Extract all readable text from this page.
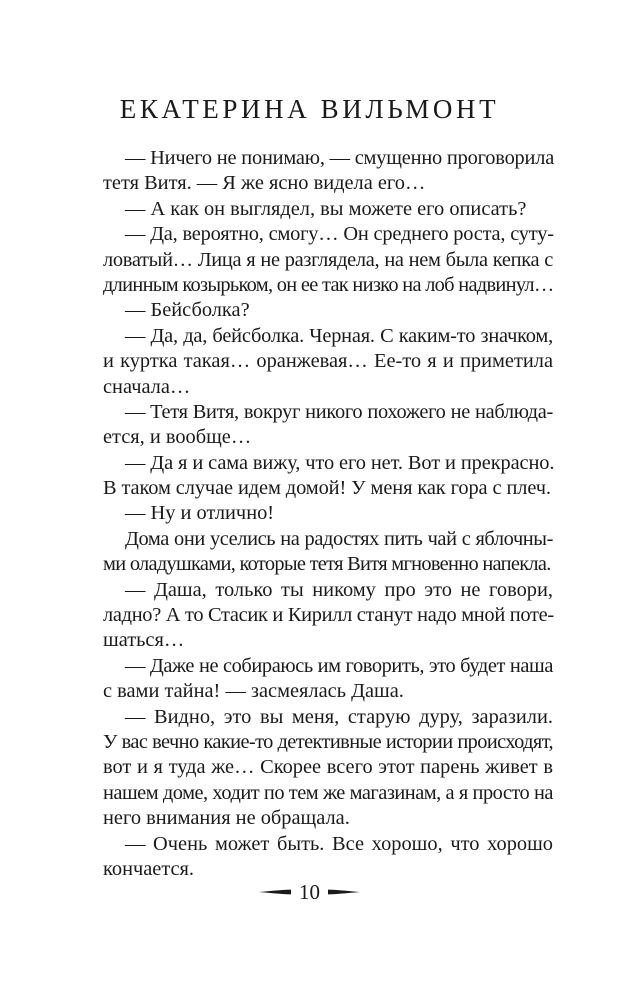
ЕКАТЕРИНА ВИЛЬМОНТ
— Ничего не понимаю, — смущенно проговорила
тетя Витя. — Я же ясно видела его…
— А как он выглядел, вы можете его описать?
— Да, вероятно, смогу… Он среднего роста, суту-
ловатый… Лица я не разглядела, на нем была кепка с
длинным козырьком, он ее так низко на лоб надвинул…
— Бейсболка?
— Да, да, бейсболка. Черная. С каким-то значком,
и куртка такая… оранжевая… Ее-то я и приметила
сначала…
— Тетя Витя, вокруг никого похожего не наблюда-
ется, и вообще…
— Да я и сама вижу, что его нет. Вот и прекрасно.
В таком случае идем домой! У меня как гора с плеч.
— Ну и отлично!
Дома они уселись на радостях пить чай с яблочны-
ми оладушками, которые тетя Витя мгновенно напекла.
— Даша, только ты никому про это не говори,
ладно? А то Стасик и Кирилл станут надо мной поте-
шаться…
— Даже не собираюсь им говорить, это будет наша
с вами тайна! — засмеялась Даша.
— Видно, это вы меня, старую дуру, заразили.
У вас вечно какие-то детективные истории происходят,
вот и я туда же… Скорее всего этот парень живет в
нашем доме, ходит по тем же магазинам, а я просто на
него внимания не обращала.
— Очень может быть. Все хорошо, что хорошо
кончается.
10
